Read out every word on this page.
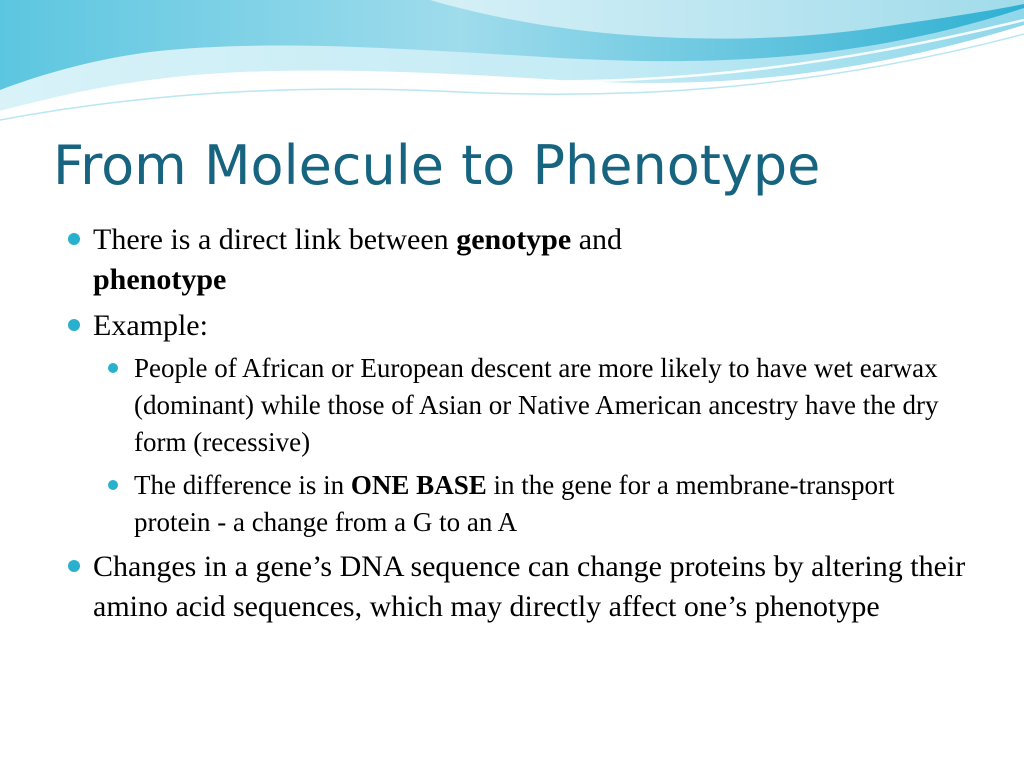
From Molecule to Phenotype
There is a direct link between genotype and
phenotype
Example:
People of African or European descent are more likely to have wet earwax (dominant) while those of Asian or Native American ancestry have the dry form (recessive)
The difference is in ONE BASE in the gene for a membrane-transport protein - a change from a G to an A
Changes in a gene’s DNA sequence can change proteins by altering their amino acid sequences, which may directly affect one’s phenotype
